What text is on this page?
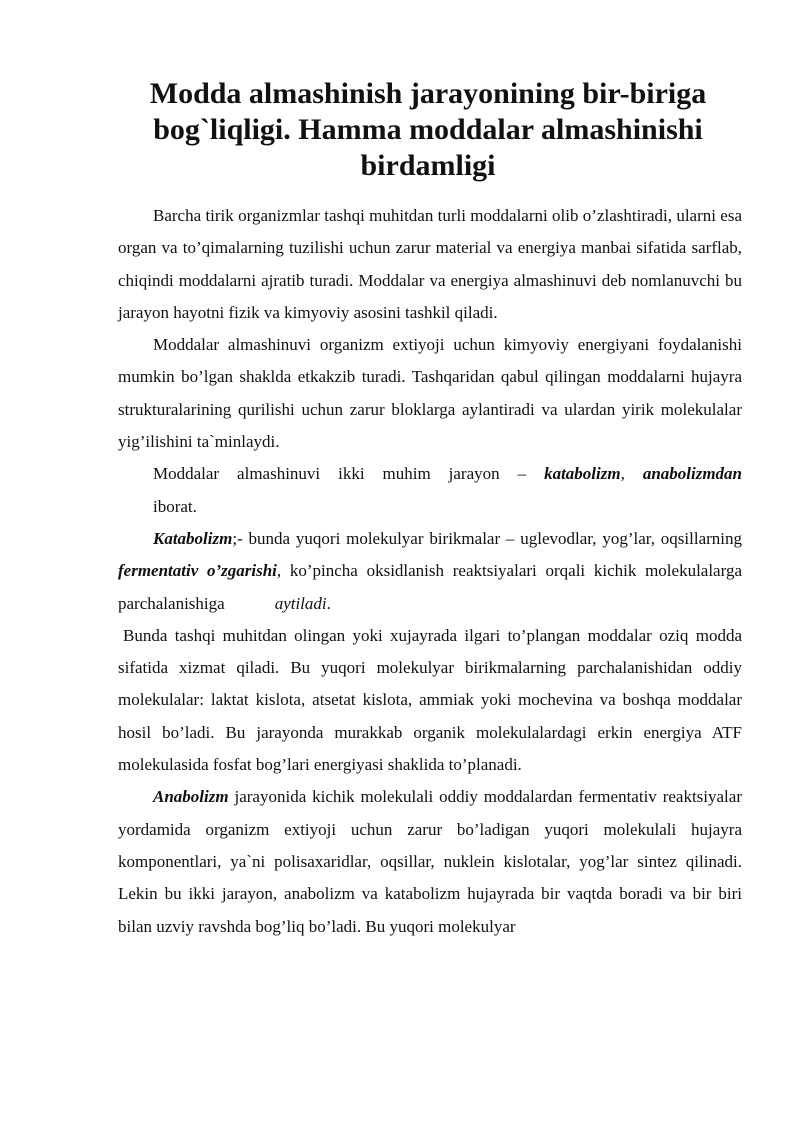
Modda almashinish jarayonining bir-biriga
bog`liqligi. Hamma moddalar almashinishi
birdamligi

Barcha tirik organizmlar tashqi muhitdan turli moddalarni olib o’zlashtiradi, ularni esa organ va to’qimalarning tuzilishi uchun zarur material va energiya manbai sifatida sarflab, chiqindi moddalarni ajratib turadi. Moddalar va energiya almashinuvi deb nomlanuvchi bu jarayon hayotni fizik va kimyoviy asosini tashkil qiladi.

Moddalar almashinuvi organizm extiyoji uchun kimyoviy energiyani foydalanishi mumkin bo’lgan shaklda etkakzib turadi. Tashqaridan qabul qilingan moddalarni hujayra strukturalarining qurilishi uchun zarur bloklarga aylantiradi va ulardan yirik molekulalar yig’ilishini ta`minlaydi.

Moddalar almashinuvi ikki muhim jarayon – katabolizm, anabolizmdan

iborat.

Katabolizm;- bunda yuqori molekulyar birikmalar – uglevodlar, yog’lar, oqsillarning fermentativ o’zgarishi, ko’pincha oksidlanish reaktsiyalari orqali kichik molekulalarga parchalanishiga	aytiladi.

Bunda tashqi muhitdan olingan yoki xujayrada ilgari to’plangan moddalar oziq modda sifatida xizmat qiladi. Bu yuqori molekulyar birikmalarning parchalanishidan oddiy molekulalar: laktat kislota, atsetat kislota, ammiak yoki mochevina va boshqa moddalar hosil bo’ladi. Bu jarayonda murakkab organik molekulalardagi erkin energiya ATF molekulasida fosfat bog’lari energiyasi shaklida to’planadi.

Anabolizm jarayonida kichik molekulali oddiy moddalardan fermentativ reaktsiyalar yordamida organizm extiyoji uchun zarur bo’ladigan yuqori molekulali hujayra komponentlari, ya`ni polisaxaridlar, oqsillar, nuklein kislotalar, yog’lar sintez qilinadi. Lekin bu ikki jarayon, anabolizm va katabolizm hujayrada bir vaqtda boradi va bir biri bilan uzviy ravshda bog’liq bo’ladi. Bu yuqori molekulyar
